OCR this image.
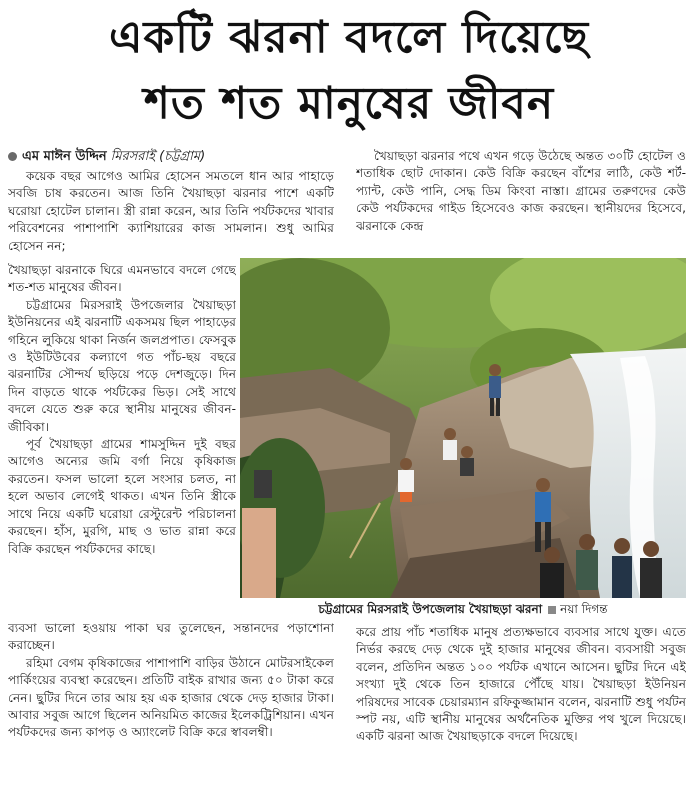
একটি ঝরনা বদলে দিয়েছে
শত শত মানুষের জীবন
এম মাঈন উদ্দিন মিরসরাই (চট্টগ্রাম)

কয়েক বছর আগেও আমির হোসেন সমতলে ধান আর পাহাড়ে সবজি চাষ করতেন। আজ তিনি খৈয়াছড়া ঝরনার পাশে একটি ঘরোয়া হোটেল চালান। স্ত্রী রান্না করেন, আর তিনি পর্যটকদের খাবার পরিবেশনের পাশাপাশি ক্যাশিয়ারের কাজ সামলান। শুধু আমির হোসেন নন;

খৈয়াছড়া ঝরনাকে ঘিরে এমনভাবে বদলে গেছে শত-শত মানুষের জীবন।

চট্টগ্রামের মিরসরাই উপজেলার খৈয়াছড়া ইউনিয়নের এই ঝরনাটি একসময় ছিল পাহাড়ের গহিনে লুকিয়ে থাকা নির্জন জলপ্রপাত। ফেসবুক ও ইউটিউবের কল্যাণে গত পাঁচ-ছয় বছরে ঝরনাটির সৌন্দর্য ছড়িয়ে পড়ে দেশজুড়ে। দিন দিন বাড়তে থাকে পর্যটকের ভিড়। সেই সাথে বদলে যেতে শুরু করে স্থানীয় মানুষের জীবন-জীবিকা।

পূর্ব খৈয়াছড়া গ্রামের শামসুদ্দিন দুই বছর আগেও অন্যের জমি বর্গা নিয়ে কৃষিকাজ করতেন। ফসল ভালো হলে সংসার চলত, না হলে অভাব লেগেই থাকত। এখন তিনি স্ত্রীকে সাথে নিয়ে একটি ঘরোয়া রেস্টুরেন্ট পরিচালনা করছেন। হাঁস, মুরগি, মাছ ও ভাত রান্না করে বিক্রি করছেন পর্যটকদের কাছে।

ব্যবসা ভালো হওয়ায় পাকা ঘর তুলেছেন, সন্তানদের পড়াশোনা করাচ্ছেন।

রহিমা বেগম কৃষিকাজের পাশাপাশি বাড়ির উঠানে মোটরসাইকেল পার্কিংয়ের ব্যবস্থা করেছেন। প্রতিটি বাইক রাখার জন্য ৫০ টাকা করে নেন। ছুটির দিনে তার আয় হয় এক হাজার থেকে দেড় হাজার টাকা। আবার সবুজ আগে ছিলেন অনিয়মিত কাজের ইলেকট্রিশিয়ান। এখন পর্যটকদের জন্য কাপড় ও অ্যাংলেট বিক্রি করে স্বাবলম্বী।

খৈয়াছড়া ঝরনার পথে এখন গড়ে উঠেছে অন্তত ৩০টি হোটেল ও শতাধিক ছোট দোকান। কেউ বিক্রি করছেন বাঁশের লাঠি, কেউ শর্ট-প্যান্ট, কেউ পানি, সেদ্ধ ডিম কিংবা নাস্তা। গ্রামের তরুণদের কেউ কেউ পর্যটকদের গাইড হিসেবেও কাজ করছেন। স্থানীয়দের হিসেবে, ঝরনাকে কেন্দ্র

চট্টগ্রামের মিরসরাই উপজেলায় খৈয়াছড়া ঝরনা নয়া দিগন্ত

করে প্রায় পাঁচ শতাধিক মানুষ প্রত্যক্ষভাবে ব্যবসার সাথে যুক্ত। এতে নির্ভর করছে দেড় থেকে দুই হাজার মানুষের জীবন। ব্যবসায়ী সবুজ বলেন, প্রতিদিন অন্তত ১০০ পর্যটক এখানে আসেন। ছুটির দিনে এই সংখ্যা দুই থেকে তিন হাজারে পৌঁছে যায়। খৈয়াছড়া ইউনিয়ন পরিষদের সাবেক চেয়ারম্যান রফিকুজ্জামান বলেন, ঝরনাটি শুধু পর্যটন স্পট নয়, এটি স্থানীয় মানুষের অর্থনৈতিক মুক্তির পথ খুলে দিয়েছে। একটি ঝরনা আজ খৈয়াছড়াকে বদলে দিয়েছে।
